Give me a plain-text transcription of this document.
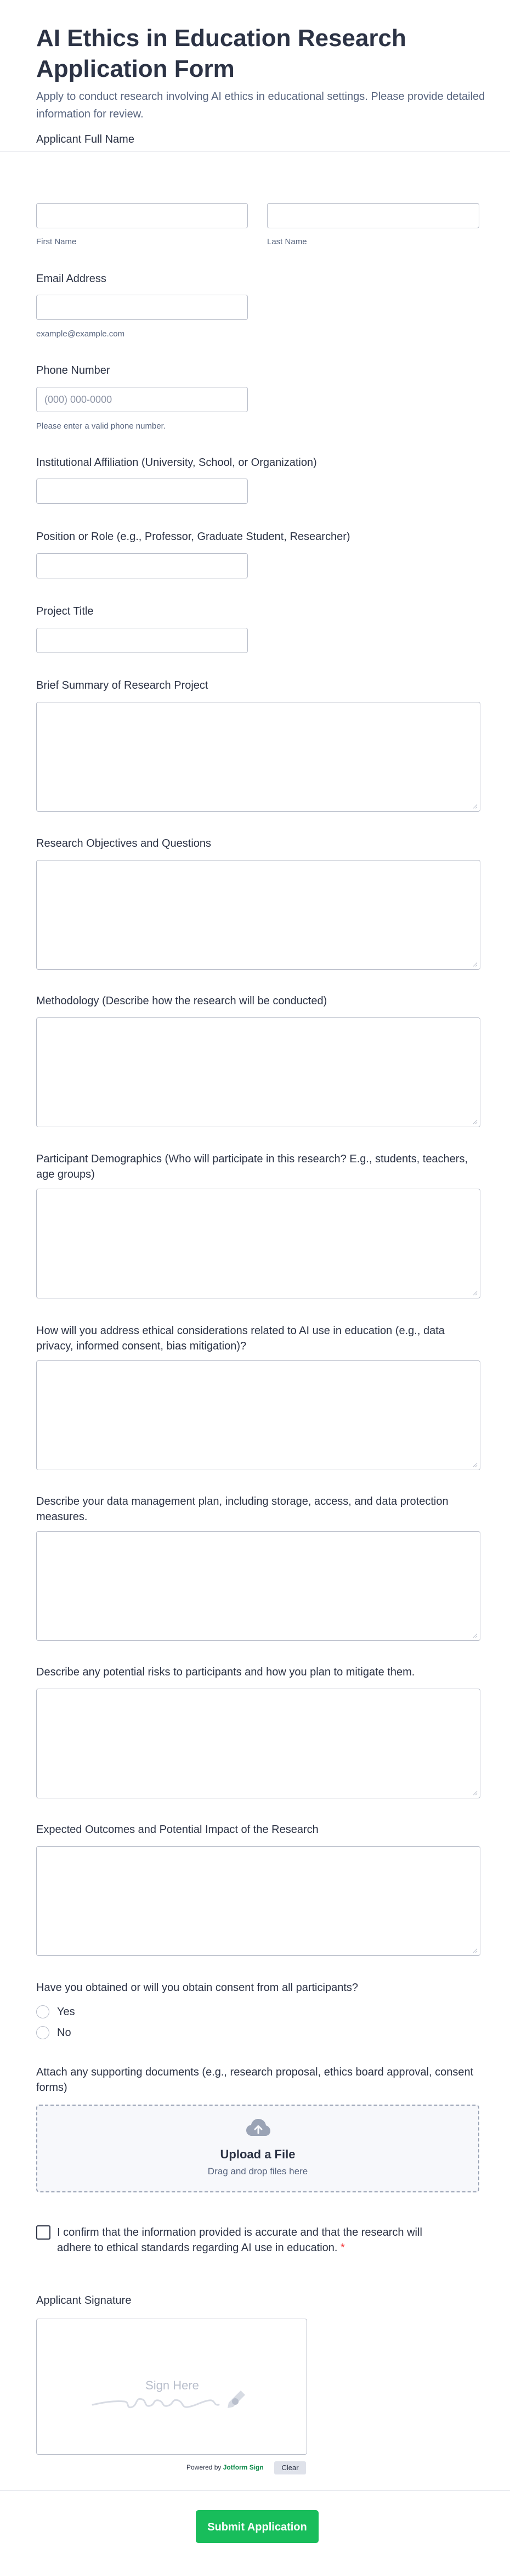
AI Ethics in Education Research Application Form
Apply to conduct research involving AI ethics in educational settings. Please provide detailed information for review.
Applicant Full Name
First Name	Last Name
Email Address
example@example.com
Phone Number
(000) 000-0000
Please enter a valid phone number.
Institutional Affiliation (University, School, or Organization)
Position or Role (e.g., Professor, Graduate Student, Researcher)
Project Title
Brief Summary of Research Project
Research Objectives and Questions
Methodology (Describe how the research will be conducted)
Participant Demographics (Who will participate in this research? E.g., students, teachers, age groups)
How will you address ethical considerations related to AI use in education (e.g., data privacy, informed consent, bias mitigation)?
Describe your data management plan, including storage, access, and data protection measures.
Describe any potential risks to participants and how you plan to mitigate them.
Expected Outcomes and Potential Impact of the Research
Have you obtained or will you obtain consent from all participants?
Yes
No
Attach any supporting documents (e.g., research proposal, ethics board approval, consent forms)
Upload a File
Drag and drop files here
I confirm that the information provided is accurate and that the research will adhere to ethical standards regarding AI use in education. *
Applicant Signature
Sign Here
Powered by Jotform Sign	Clear
Submit Application
